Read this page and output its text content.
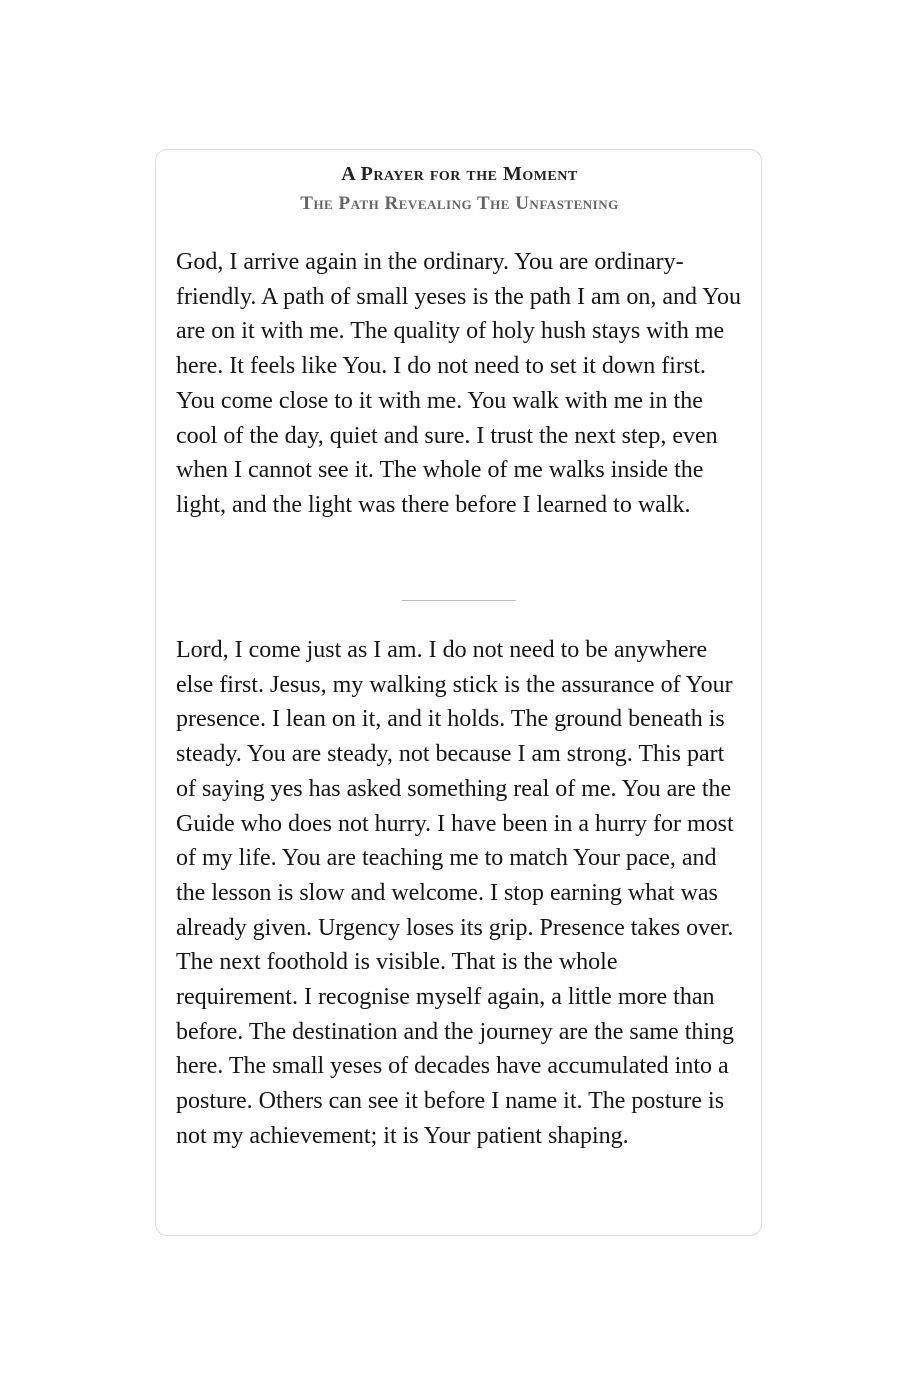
A Prayer for the Moment
The Path Revealing The Unfastening

God, I arrive again in the ordinary. You are ordinary-friendly. A path of small yeses is the path I am on, and You are on it with me. The quality of holy hush stays with me here. It feels like You. I do not need to set it down first. You come close to it with me. You walk with me in the cool of the day, quiet and sure. I trust the next step, even when I cannot see it. The whole of me walks inside the light, and the light was there before I learned to walk.

Lord, I come just as I am. I do not need to be anywhere else first. Jesus, my walking stick is the assurance of Your presence. I lean on it, and it holds. The ground beneath is steady. You are steady, not because I am strong. This part of saying yes has asked something real of me. You are the Guide who does not hurry. I have been in a hurry for most of my life. You are teaching me to match Your pace, and the lesson is slow and welcome. I stop earning what was already given. Urgency loses its grip. Presence takes over. The next foothold is visible. That is the whole requirement. I recognise myself again, a little more than before. The destination and the journey are the same thing here. The small yeses of decades have accumulated into a posture. Others can see it before I name it. The posture is not my achievement; it is Your patient shaping.
